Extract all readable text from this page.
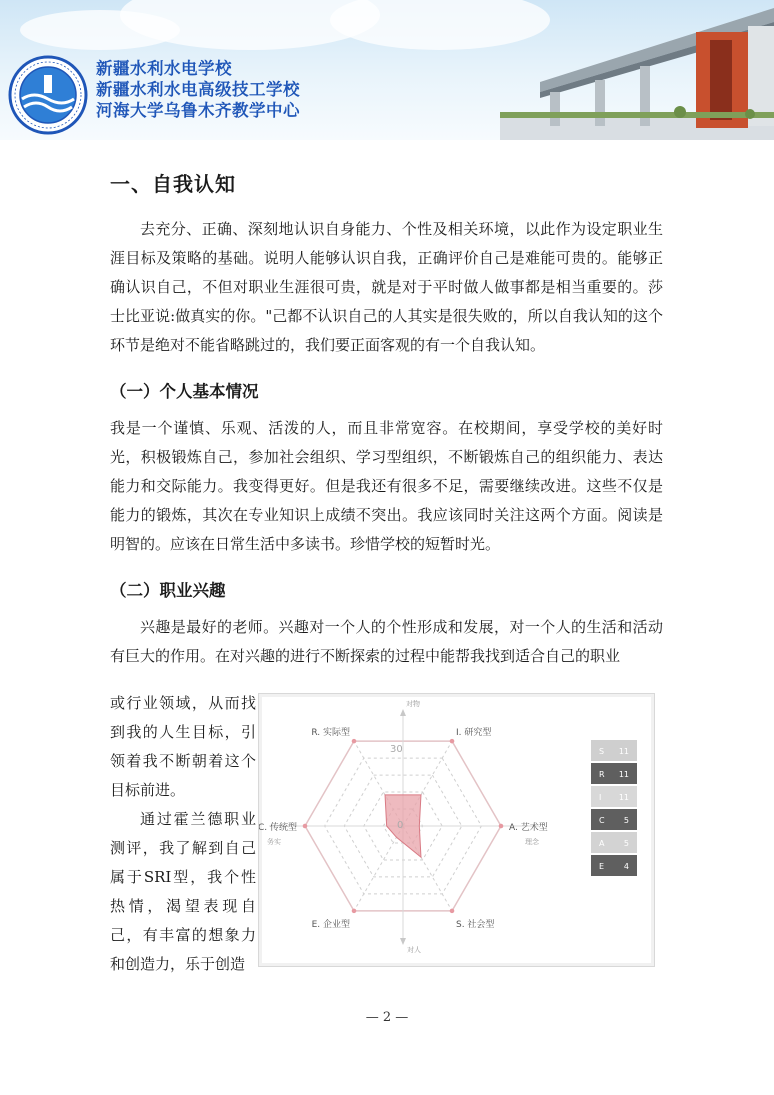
新疆水利水电学校
新疆水利水电高级技工学校
河海大学乌鲁木齐教学中心
一、自我认知

去充分、正确、深刻地认识自身能力、个性及相关环境，以此作为设定职业生涯目标及策略的基础。说明人能够认识自我，正确评价自己是难能可贵的。能够正确认识自己，不但对职业生涯很可贵，就是对于平时做人做事都是相当重要的。莎士比亚说:做真实的你。"己都不认识自己的人其实是很失败的，所以自我认知的这个环节是绝对不能省略跳过的，我们要正面客观的有一个自我认知。

（一）个人基本情况

我是一个谨慎、乐观、活泼的人，而且非常宽容。在校期间，享受学校的美好时光，积极锻炼自己，参加社会组织、学习型组织，不断锻炼自己的组织能力、表达能力和交际能力。我变得更好。但是我还有很多不足，需要继续改进。这些不仅是能力的锻炼，其次在专业知识上成绩不突出。我应该同时关注这两个方面。阅读是明智的。应该在日常生活中多读书。珍惜学校的短暂时光。

（二）职业兴趣

兴趣是最好的老师。兴趣对一个人的个性形成和发展，对一个人的生活和活动有巨大的作用。在对兴趣的进行不断探索的过程中能帮我找到适合自己的职业

或行业领域，从而找到我的人生目标，引领着我不断朝着这个目标前进。

通过霍兰德职业测评，我了解到自己属于SRI型，我个性热情，渴望表现自己，有丰富的想象力和创造力，乐于创造

对物
对人
务实	理念
30
0
I. 研究型
A. 艺术型
S. 社会型
E. 企业型
C. 传统型
R. 实际型
S 11
R 11
I 11
C 5
A 5
E 4
— 2 —
